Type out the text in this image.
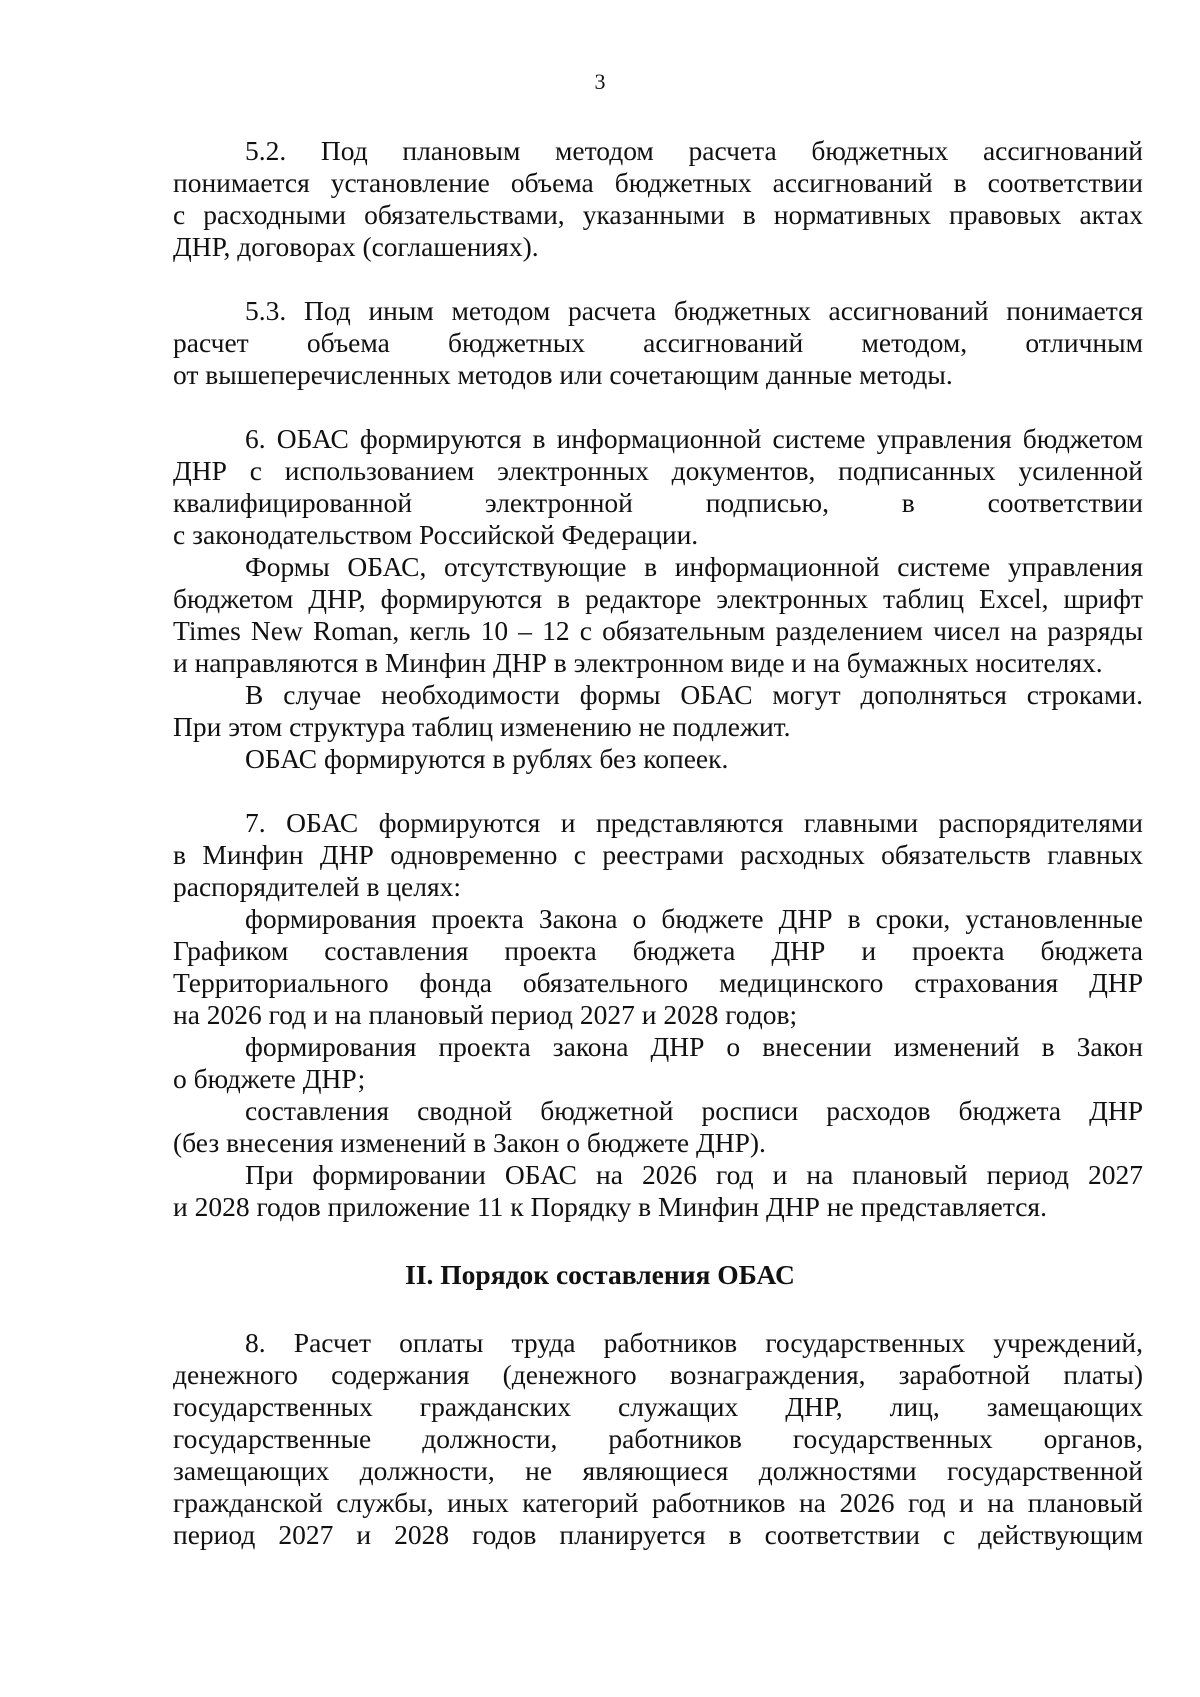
3
5.2. Под плановым методом расчета бюджетных ассигнований
понимается установление объема бюджетных ассигнований в соответствии
с расходными обязательствами, указанными в нормативных правовых актах
ДНР, договорах (соглашениях).
5.3. Под иным методом расчета бюджетных ассигнований понимается
расчет объема бюджетных ассигнований методом, отличным
от вышеперечисленных методов или сочетающим данные методы.
6. ОБАС формируются в информационной системе управления бюджетом
ДНР с использованием электронных документов, подписанных усиленной
квалифицированной электронной подписью, в соответствии
с законодательством Российской Федерации.
Формы ОБАС, отсутствующие в информационной системе управления
бюджетом ДНР, формируются в редакторе электронных таблиц Excel, шрифт
Times New Roman, кегль 10 – 12 с обязательным разделением чисел на разряды
и направляются в Минфин ДНР в электронном виде и на бумажных носителях.
В случае необходимости формы ОБАС могут дополняться строками.
При этом структура таблиц изменению не подлежит.
ОБАС формируются в рублях без копеек.
7. ОБАС формируются и представляются главными распорядителями
в Минфин ДНР одновременно с реестрами расходных обязательств главных
распорядителей в целях:
формирования проекта Закона о бюджете ДНР в сроки, установленные
Графиком составления проекта бюджета ДНР и проекта бюджета
Территориального фонда обязательного медицинского страхования ДНР
на 2026 год и на плановый период 2027 и 2028 годов;
формирования проекта закона ДНР о внесении изменений в Закон
о бюджете ДНР;
составления сводной бюджетной росписи расходов бюджета ДНР
(без внесения изменений в Закон о бюджете ДНР).
При формировании ОБАС на 2026 год и на плановый период 2027
и 2028 годов приложение 11 к Порядку в Минфин ДНР не представляется.
II. Порядок составления ОБАС
8. Расчет оплаты труда работников государственных учреждений,
денежного содержания (денежного вознаграждения, заработной платы)
государственных гражданских служащих ДНР, лиц, замещающих
государственные должности, работников государственных органов,
замещающих должности, не являющиеся должностями государственной
гражданской службы, иных категорий работников на 2026 год и на плановый
период 2027 и 2028 годов планируется в соответствии с действующим
